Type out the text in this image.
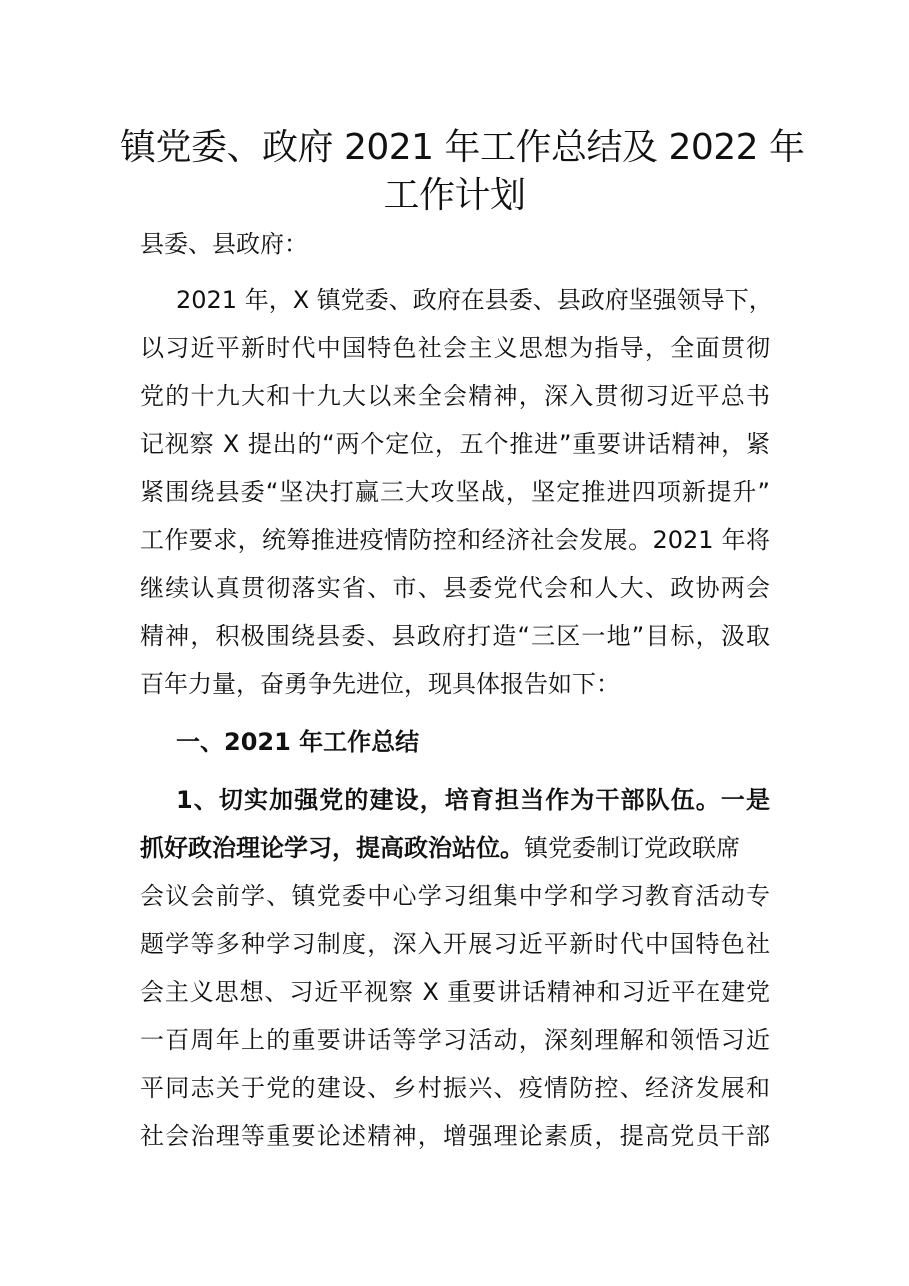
镇党委、政府 2021 年工作总结及 2022 年
工作计划
县委、县政府：
2021 年，X 镇党委、政府在县委、县政府坚强领导下，
以习近平新时代中国特色社会主义思想为指导，全面贯彻
党的十九大和十九大以来全会精神，深入贯彻习近平总书
记视察 X 提出的“两个定位，五个推进”重要讲话精神，紧
紧围绕县委“坚决打赢三大攻坚战，坚定推进四项新提升”
工作要求，统筹推进疫情防控和经济社会发展。2021 年将
继续认真贯彻落实省、市、县委党代会和人大、政协两会
精神，积极围绕县委、县政府打造“三区一地”目标，汲取
百年力量，奋勇争先进位，现具体报告如下：
一、2021 年工作总结
1、切实加强党的建设，培育担当作为干部队伍。一是
抓好政治理论学习，提高政治站位。镇党委制订党政联席
会议会前学、镇党委中心学习组集中学和学习教育活动专
题学等多种学习制度，深入开展习近平新时代中国特色社
会主义思想、习近平视察 X 重要讲话精神和习近平在建党
一百周年上的重要讲话等学习活动，深刻理解和领悟习近
平同志关于党的建设、乡村振兴、疫情防控、经济发展和
社会治理等重要论述精神，增强理论素质，提高党员干部
